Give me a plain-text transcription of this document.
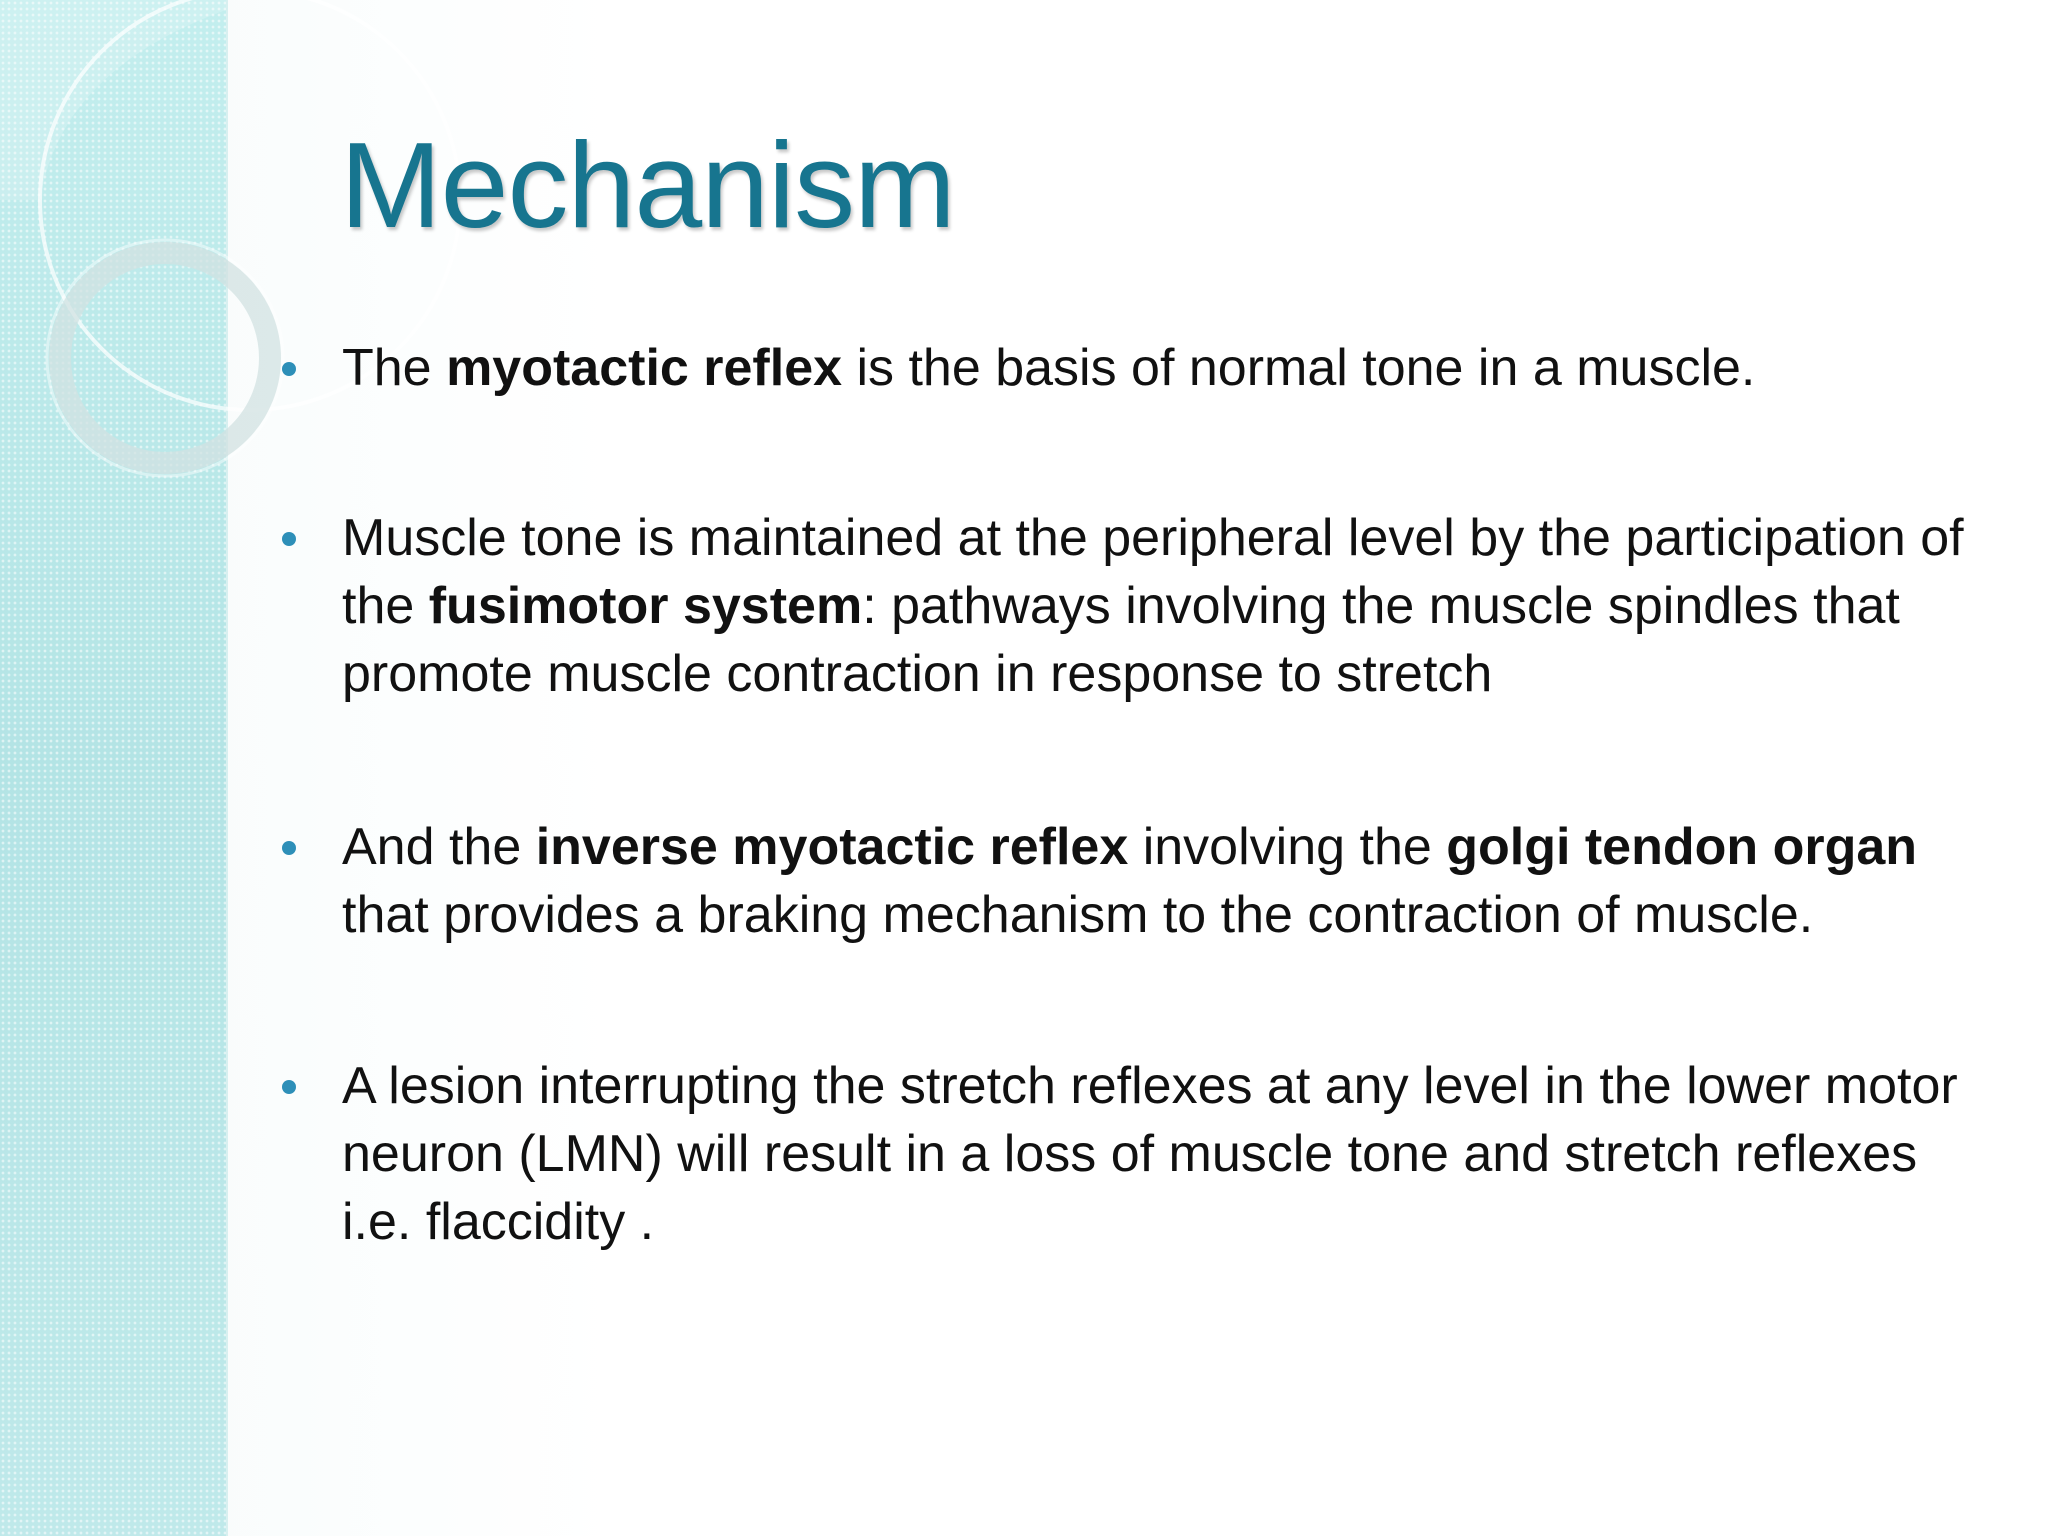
Mechanism
The myotactic reflex is the basis of normal tone in a muscle.
Muscle tone is maintained at the peripheral level by the participation of the fusimotor system: pathways involving the muscle spindles that promote muscle contraction in response to stretch
And the inverse myotactic reflex involving the golgi tendon organ that provides a braking mechanism to the contraction of muscle.
A lesion interrupting the stretch reflexes at any level in the lower motor neuron (LMN) will result in a loss of muscle tone and stretch reflexes i.e. flaccidity .
